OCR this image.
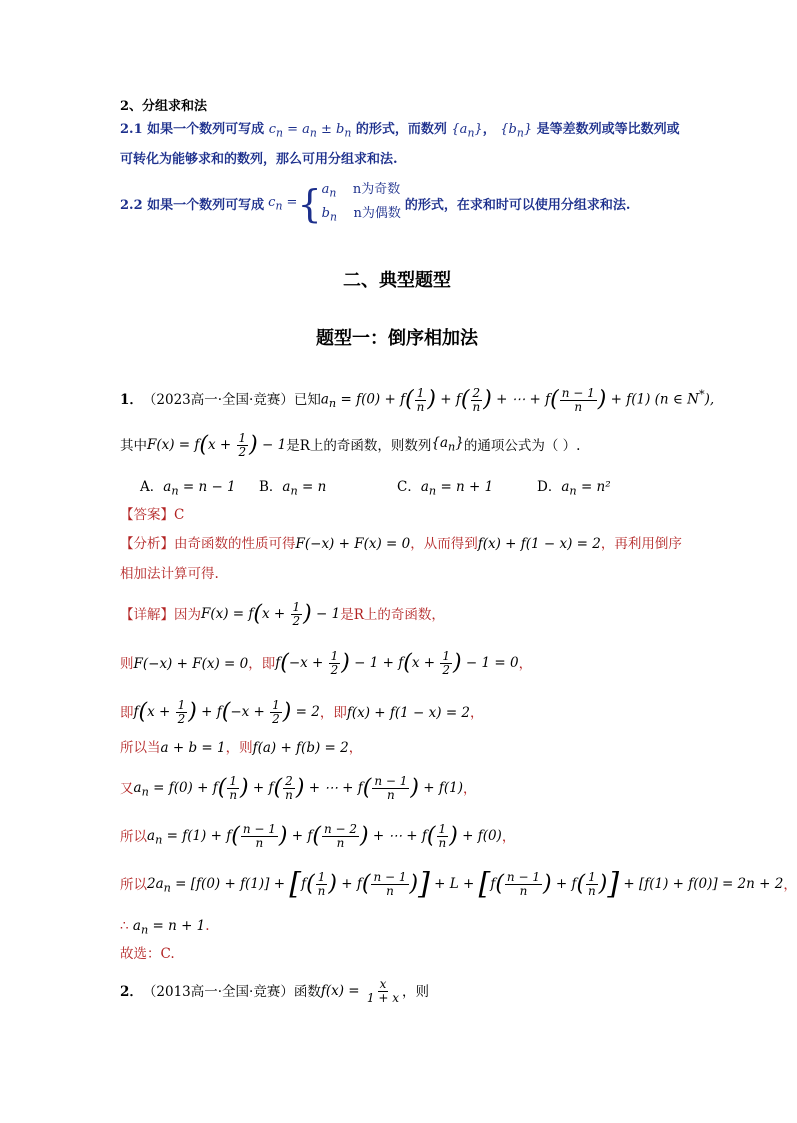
2、分组求和法
2.1 如果一个数列可写成 $c_n = a_n \pm b_n$ 的形式，而数列 $\{a_n\}$， $\{b_n\}$ 是等差数列或等比数列或
可转化为能够求和的数列，那么可用分组求和法.
2.2 如果一个数列可写成 $c_n$ = { $a_n$ n为奇数
$b_n$ n为偶数 的形式，在求和时可以使用分组求和法.
二、典型题型
题型一：倒序相加法
1． （2023高一·全国·竞赛） 已知 $a_n = f(0) + f( \frac{1}{n}$ ) + $f( \frac{2}{n}$ ) + ⋯ + $f( \frac{n - 1}{n}$ ) + f(1) (n ∈ N*),
其中 $F(x) = f(x + \frac{1}{2}$ ) − 1 是R上的奇函数，则数列 $\{a_n\}$ 的通项公式为（ ）.
A．$a_n = n - 1$ B．$a_n = n$	C．$a_n = n + 1$	D．$a_n = n^2$
【答案】C
【分析】由奇函数的性质可得F(−x) + F(x) = 0，从而得到f(x) + f(1 − x) = 2，再利用倒序
相加法计算可得.
【详解】 因为 $F(x) = f(x + \frac{1}{2}$ ) − 1 是R上的奇函数，
则 F(−x) + F(x) = 0 ，即 $f(-x + \frac{1}{2}$ ) − $1 + f(x + \frac{1}{2}$ ) − 1 = 0 ，
即 $f(x + \frac{1}{2}$ ) + $f(-x + \frac{1}{2}$ ) = 2 ，即 f(x) + f(1 − x) = 2 ，
所以当a + b = 1，则f(a) + f(b) = 2，
又 $a_n = f(0) + f( \frac{1}{n}$ ) + $f( \frac{2}{n}$ ) + ⋯ + $f( \frac{n - 1}{n}$ ) + f(1) ，
所以 $a_n = f(1) + f( \frac{n - 1}{n}$ ) + $f( \frac{n - 2}{n}$ ) + ⋯ + $f( \frac{1}{n}$ ) + f(0) ，
所以 $2a_n = [f(0) + f(1)] + [f( \frac{1}{n}$ ) + $f( \frac{n - 1}{n}$ )] + $L + [f( \frac{n - 1}{n}$ ) + $f( \frac{1}{n}$ )] + [f(1) + f(0)] = 2n + 2 ，
∴ $a_n = n + 1$.
故选：C.
2． （2013高一·全国·竞赛） 函数 $f(x) = \frac{x}{1 + x}$ ，则
